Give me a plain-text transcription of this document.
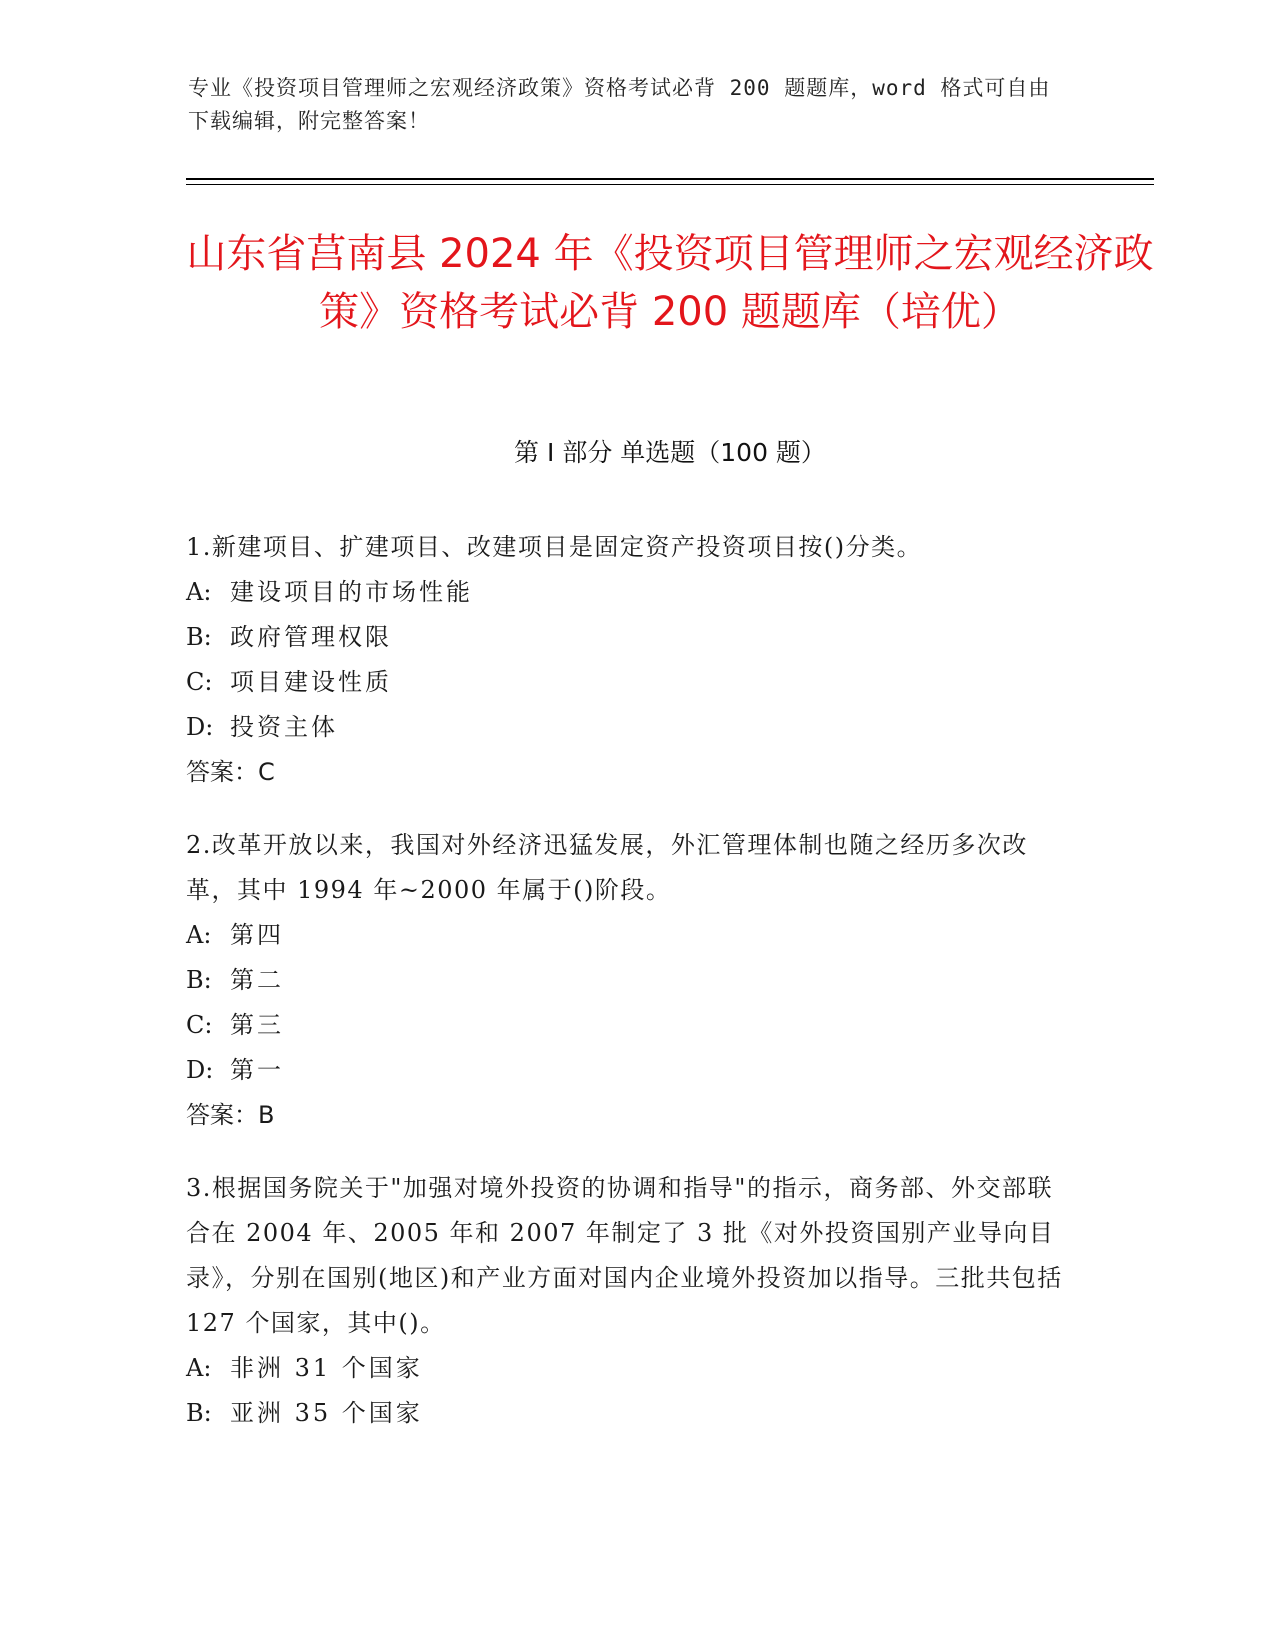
专业《投资项目管理师之宏观经济政策》资格考试必背 200 题题库，word 格式可自由下载编辑，附完整答案！
山东省莒南县 2024 年《投资项目管理师之宏观经济政策》资格考试必背 200 题题库（培优）
第 I 部分 单选题（100 题）

1.新建项目、扩建项目、改建项目是固定资产投资项目按()分类。

A: 建设项目的市场性能

B: 政府管理权限

C: 项目建设性质

D: 投资主体

答案：C

2.改革开放以来，我国对外经济迅猛发展，外汇管理体制也随之经历多次改革，其中 1994 年~2000 年属于()阶段。

A: 第四

B: 第二

C: 第三

D: 第一

答案：B

3.根据国务院关于"加强对境外投资的协调和指导"的指示，商务部、外交部联合在 2004 年、2005 年和 2007 年制定了 3 批《对外投资国别产业导向目录》，分别在国别(地区)和产业方面对国内企业境外投资加以指导。三批共包括 127 个国家，其中()。

A: 非洲 31 个国家

B: 亚洲 35 个国家
